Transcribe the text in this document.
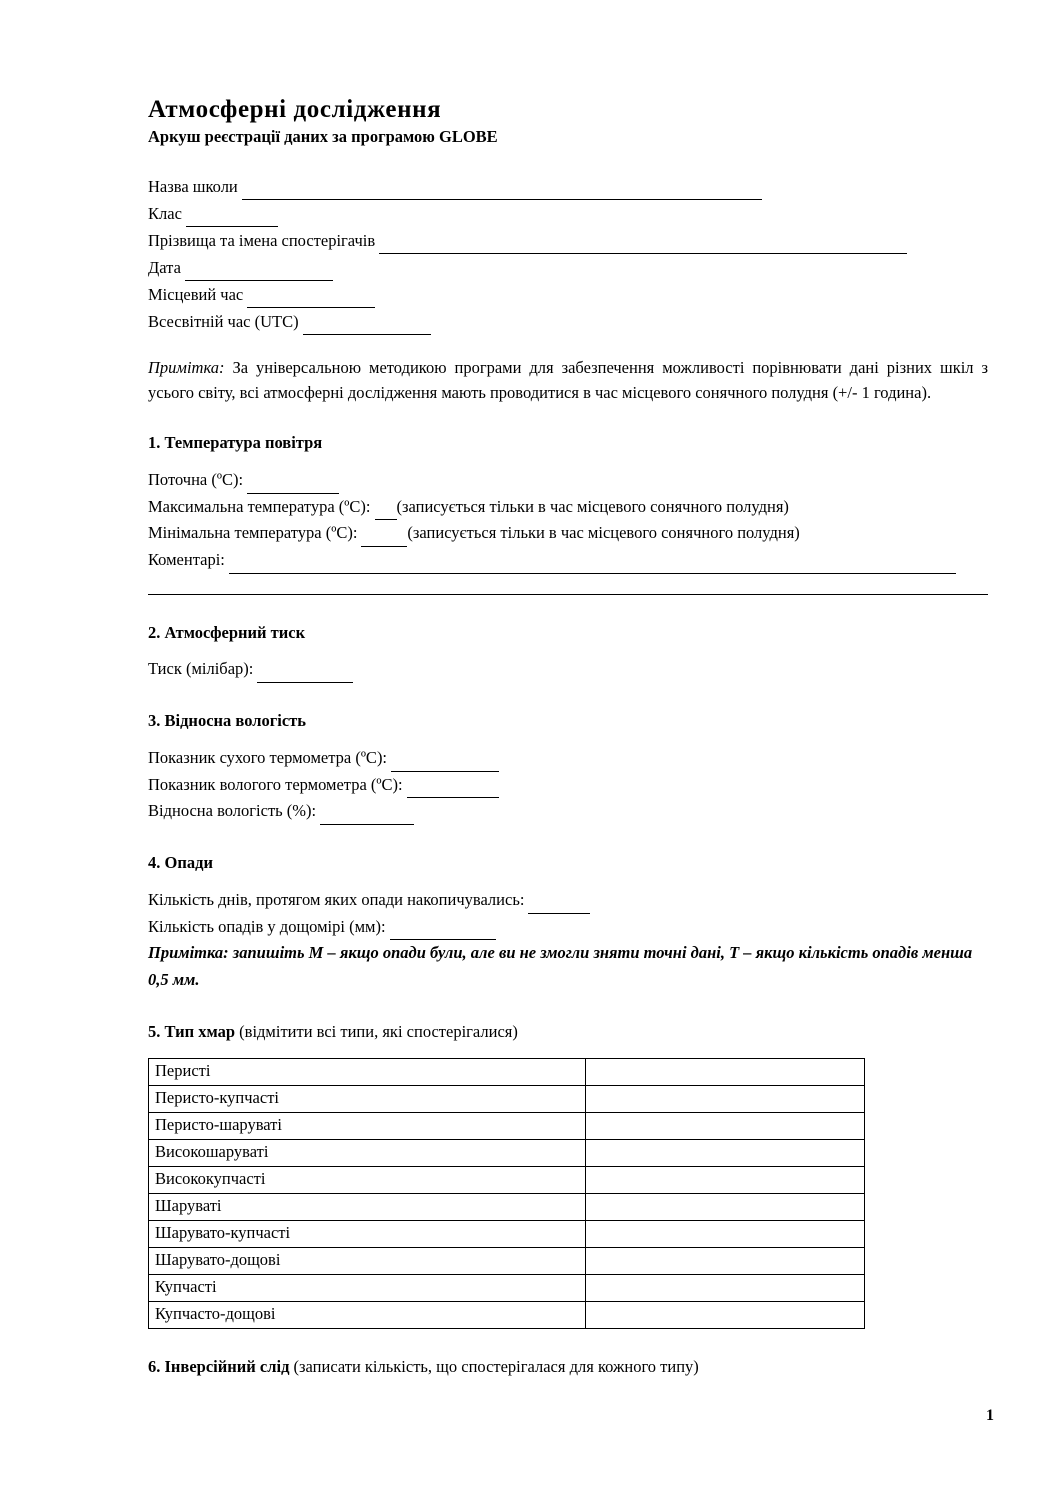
Атмосферні дослідження
Аркуш реєстрації даних за програмою GLOBE
Назва школи
Клас
Прізвища та імена спостерігачів
Дата
Місцевий час
Всесвітній час (UTC)

Примітка: За універсальною методикою програми для забезпечення можливості порівнювати дані різних шкіл з усього світу, всі атмосферні дослідження мають проводитися в час місцевого сонячного полудня (+/- 1 година).

1. Температура повітря
Поточна (ºС):
Максимальна температура (ºС): (записується тільки в час місцевого сонячного полудня)
Мінімальна температура (ºС):	(записується тільки в час місцевого сонячного полудня)
Коментарі:
2. Атмосферний тиск
Тиск (мілібар):
3. Відносна вологість
Показник сухого термометра (ºС):
Показник вологого термометра (ºС):
Відносна вологість (%):
4. Опади
Кількість днів, протягом яких опади накопичувались:
Кількість опадів у дощомірі (мм):
Примітка: запишіть М – якщо опади були, але ви не змогли зняти точні дані, Т – якщо кількість опадів менша 0,5 мм.
5. Тип хмар (відмітити всі типи, які спостерігалися)
Перисті	
Перисто-купчасті	
Перисто-шаруваті	
Високошаруваті	
Висококупчасті	
Шаруваті	
Шарувато-купчасті	
Шарувато-дощові	
Купчасті	
Купчасто-дощові	
6. Інверсійний слід (записати кількість, що спостерігалася для кожного типу)
1
